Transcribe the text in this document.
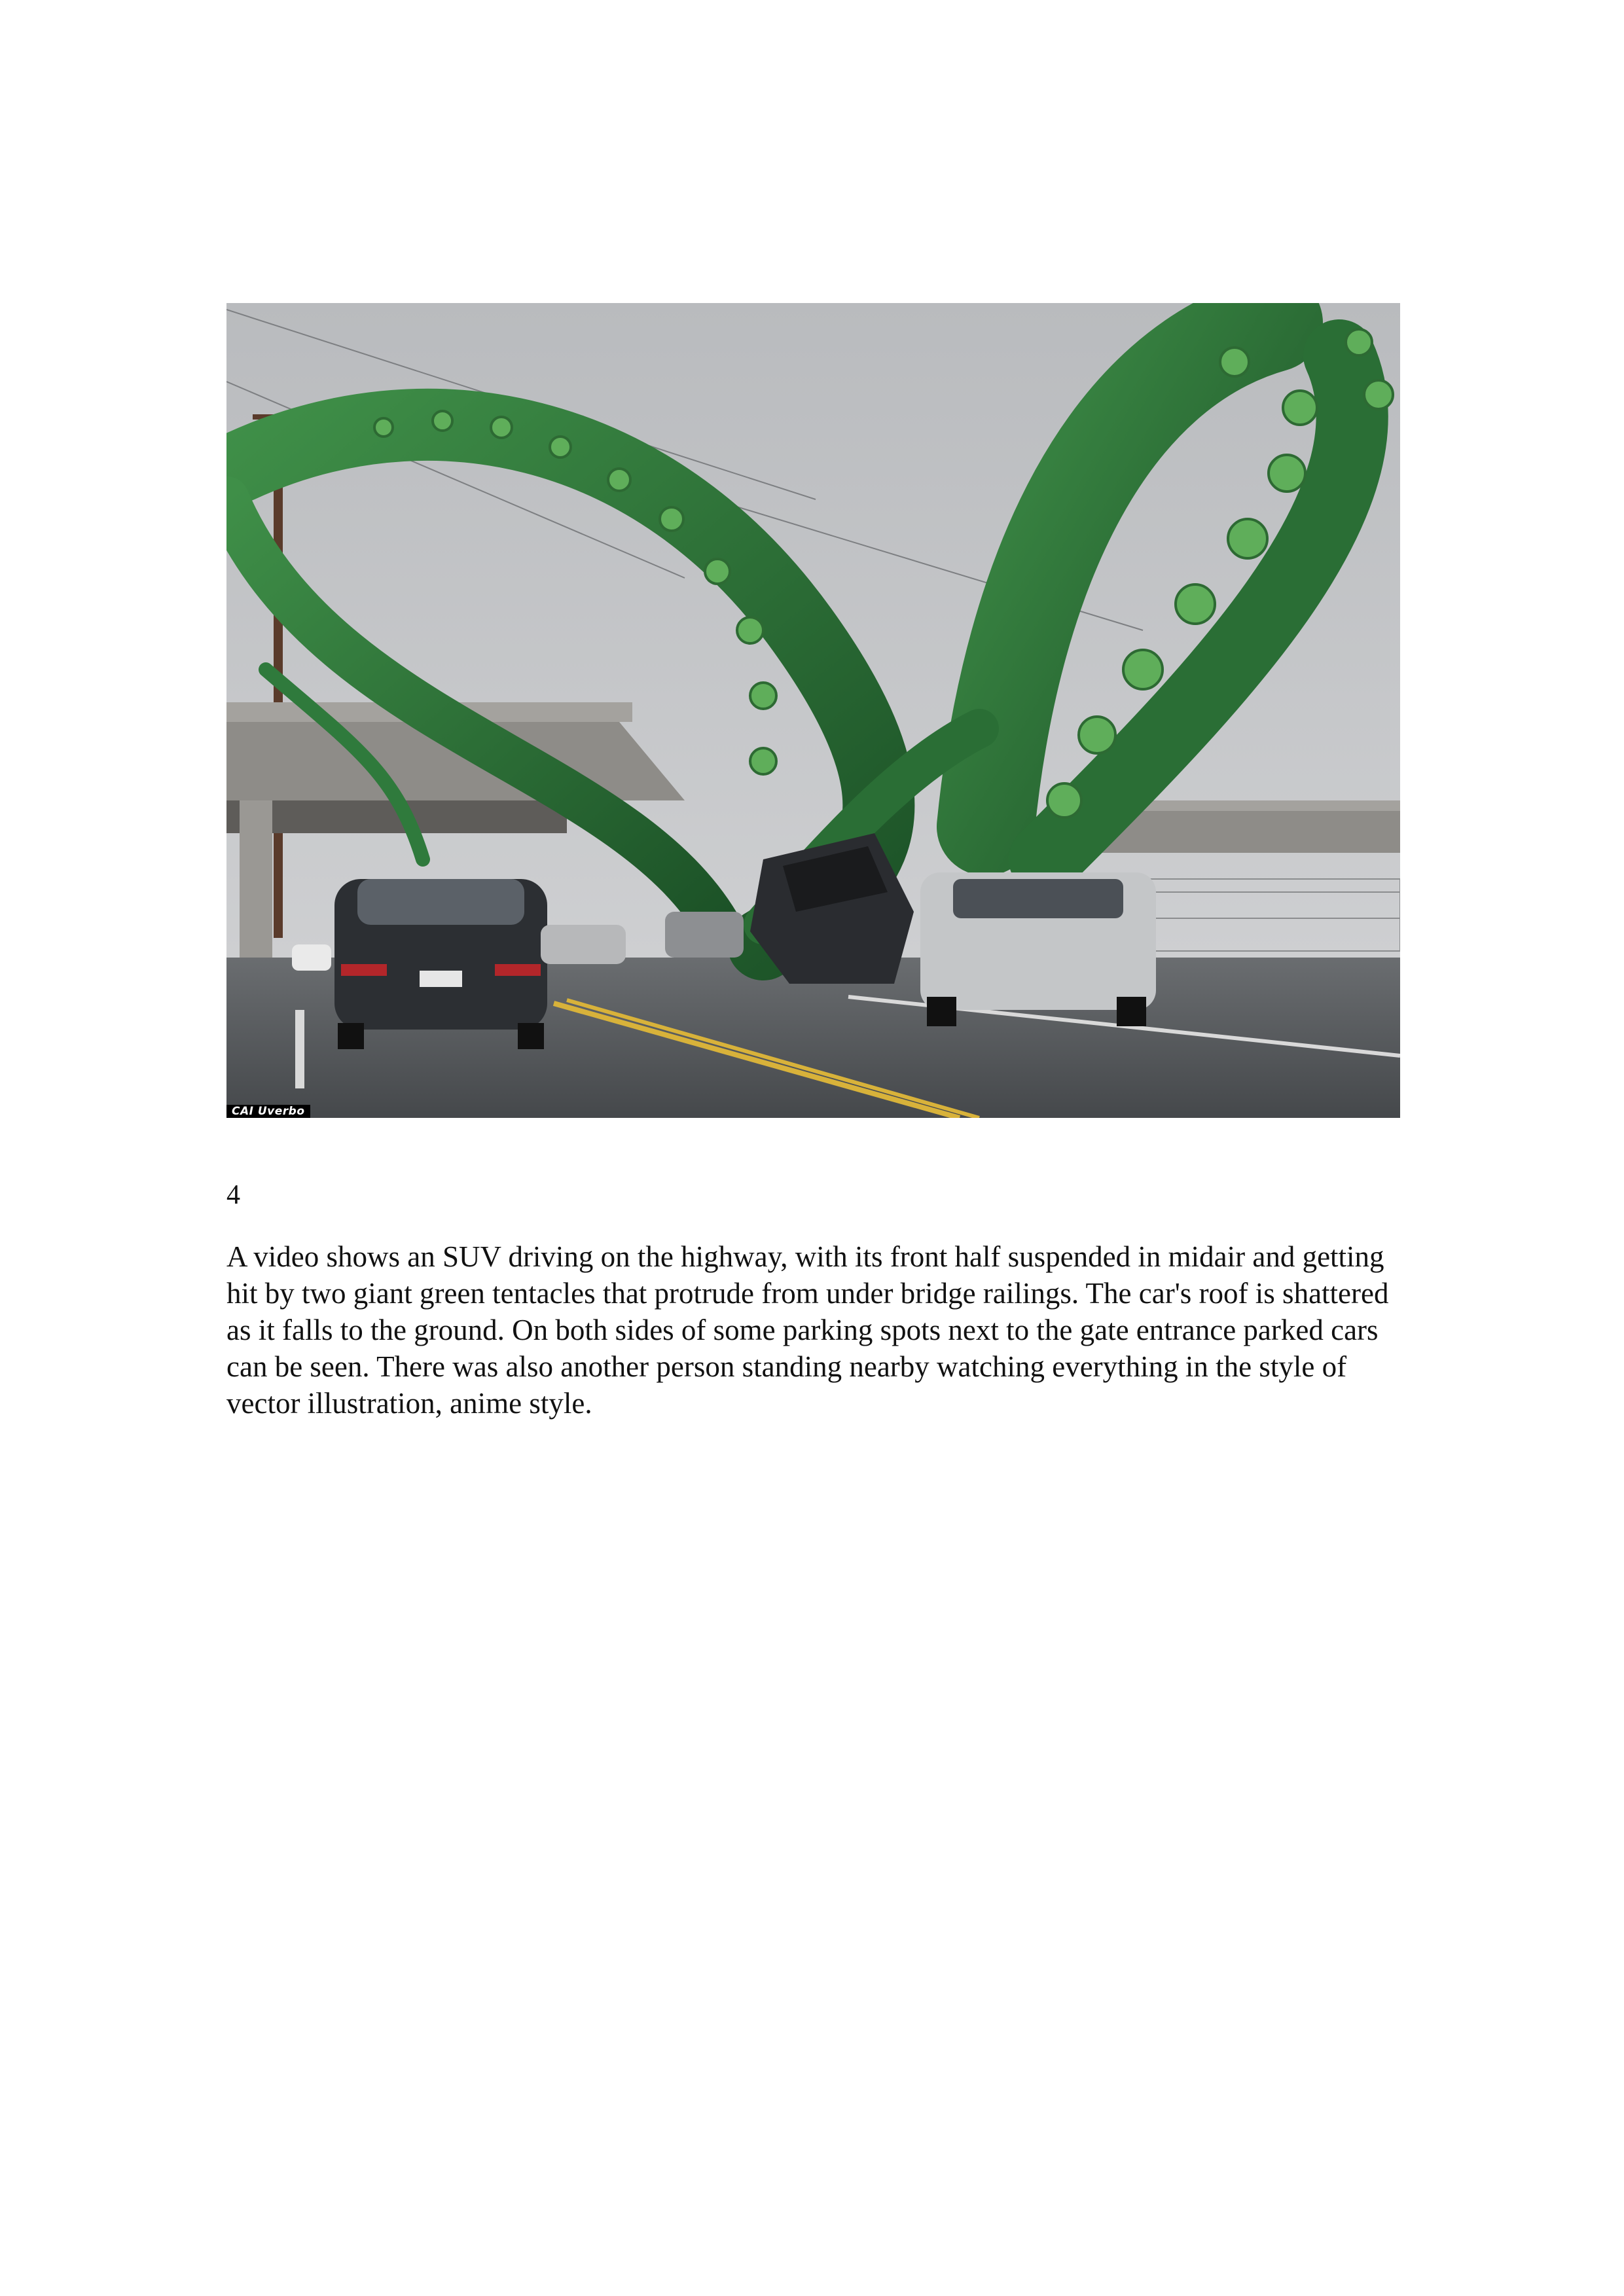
CAI Uverbo
4

A video shows an SUV driving on the highway, with its front half suspended in midair and getting hit by two giant green tentacles that protrude from under bridge railings. The car's roof is shattered as it falls to the ground. On both sides of some parking spots next to the gate entrance parked cars can be seen. There was also another person standing nearby watching everything in the style of vector illustration, anime style.
